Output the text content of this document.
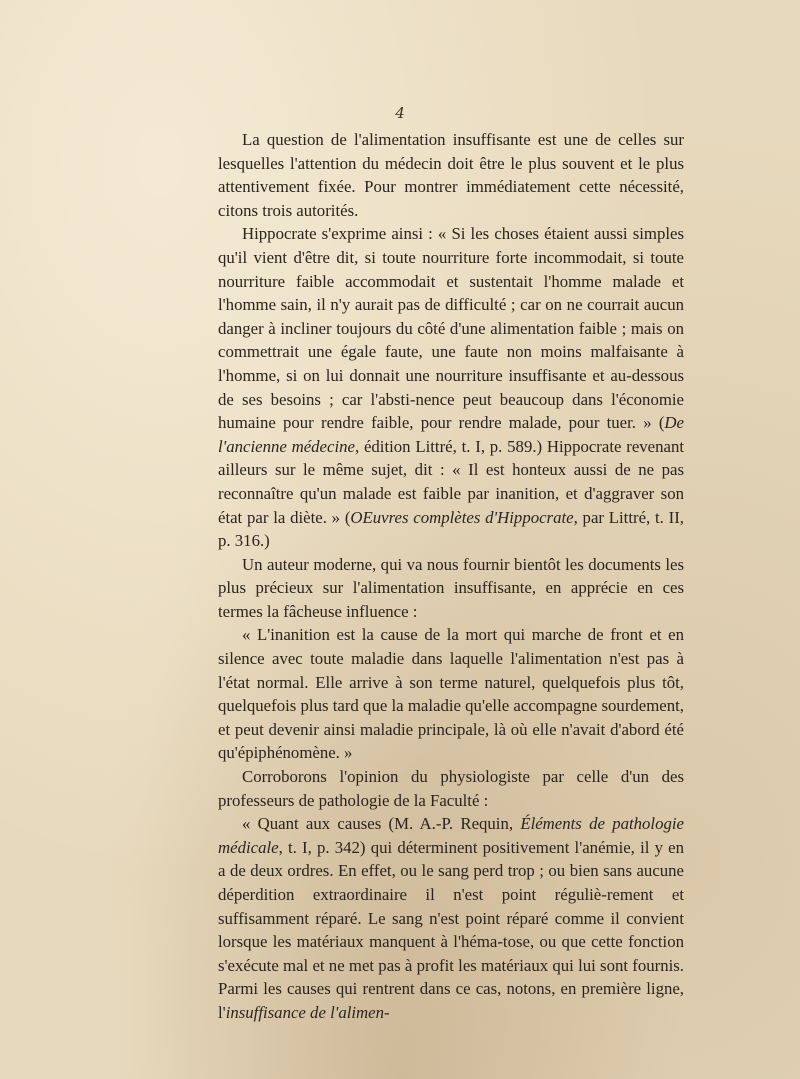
4

La question de l'alimentation insuffisante est une de celles sur lesquelles l'attention du médecin doit être le plus souvent et le plus attentivement fixée. Pour montrer immédiatement cette nécessité, citons trois autorités.

Hippocrate s'exprime ainsi : « Si les choses étaient aussi simples qu'il vient d'être dit, si toute nourriture forte incommodait, si toute nourriture faible accommodait et sustentait l'homme malade et l'homme sain, il n'y aurait pas de difficulté ; car on ne courrait aucun danger à incliner toujours du côté d'une alimentation faible ; mais on commettrait une égale faute, une faute non moins malfaisante à l'homme, si on lui donnait une nourriture insuffisante et au-dessous de ses besoins ; car l'absti-nence peut beaucoup dans l'économie humaine pour rendre faible, pour rendre malade, pour tuer. » (De l'ancienne médecine, édition Littré, t. I, p. 589.) Hippocrate revenant ailleurs sur le même sujet, dit : « Il est honteux aussi de ne pas reconnaître qu'un malade est faible par inanition, et d'aggraver son état par la diète. » (OEuvres complètes d'Hippocrate, par Littré, t. II, p. 316.)

Un auteur moderne, qui va nous fournir bientôt les documents les plus précieux sur l'alimentation insuffisante, en apprécie en ces termes la fâcheuse influence :

« L'inanition est la cause de la mort qui marche de front et en silence avec toute maladie dans laquelle l'alimentation n'est pas à l'état normal. Elle arrive à son terme naturel, quelquefois plus tôt, quelquefois plus tard que la maladie qu'elle accompagne sourdement, et peut devenir ainsi maladie principale, là où elle n'avait d'abord été qu'épiphénomène. »

Corroborons l'opinion du physiologiste par celle d'un des professeurs de pathologie de la Faculté :

« Quant aux causes (M. A.-P. Requin, Éléments de pathologie médicale, t. I, p. 342) qui déterminent positivement l'anémie, il y en a de deux ordres. En effet, ou le sang perd trop ; ou bien sans aucune déperdition extraordinaire il n'est point réguliè-rement et suffisamment réparé. Le sang n'est point réparé comme il convient lorsque les matériaux manquent à l'héma-tose, ou que cette fonction s'exécute mal et ne met pas à profit les matériaux qui lui sont fournis. Parmi les causes qui rentrent dans ce cas, notons, en première ligne, l'insuffisance de l'alimen-
